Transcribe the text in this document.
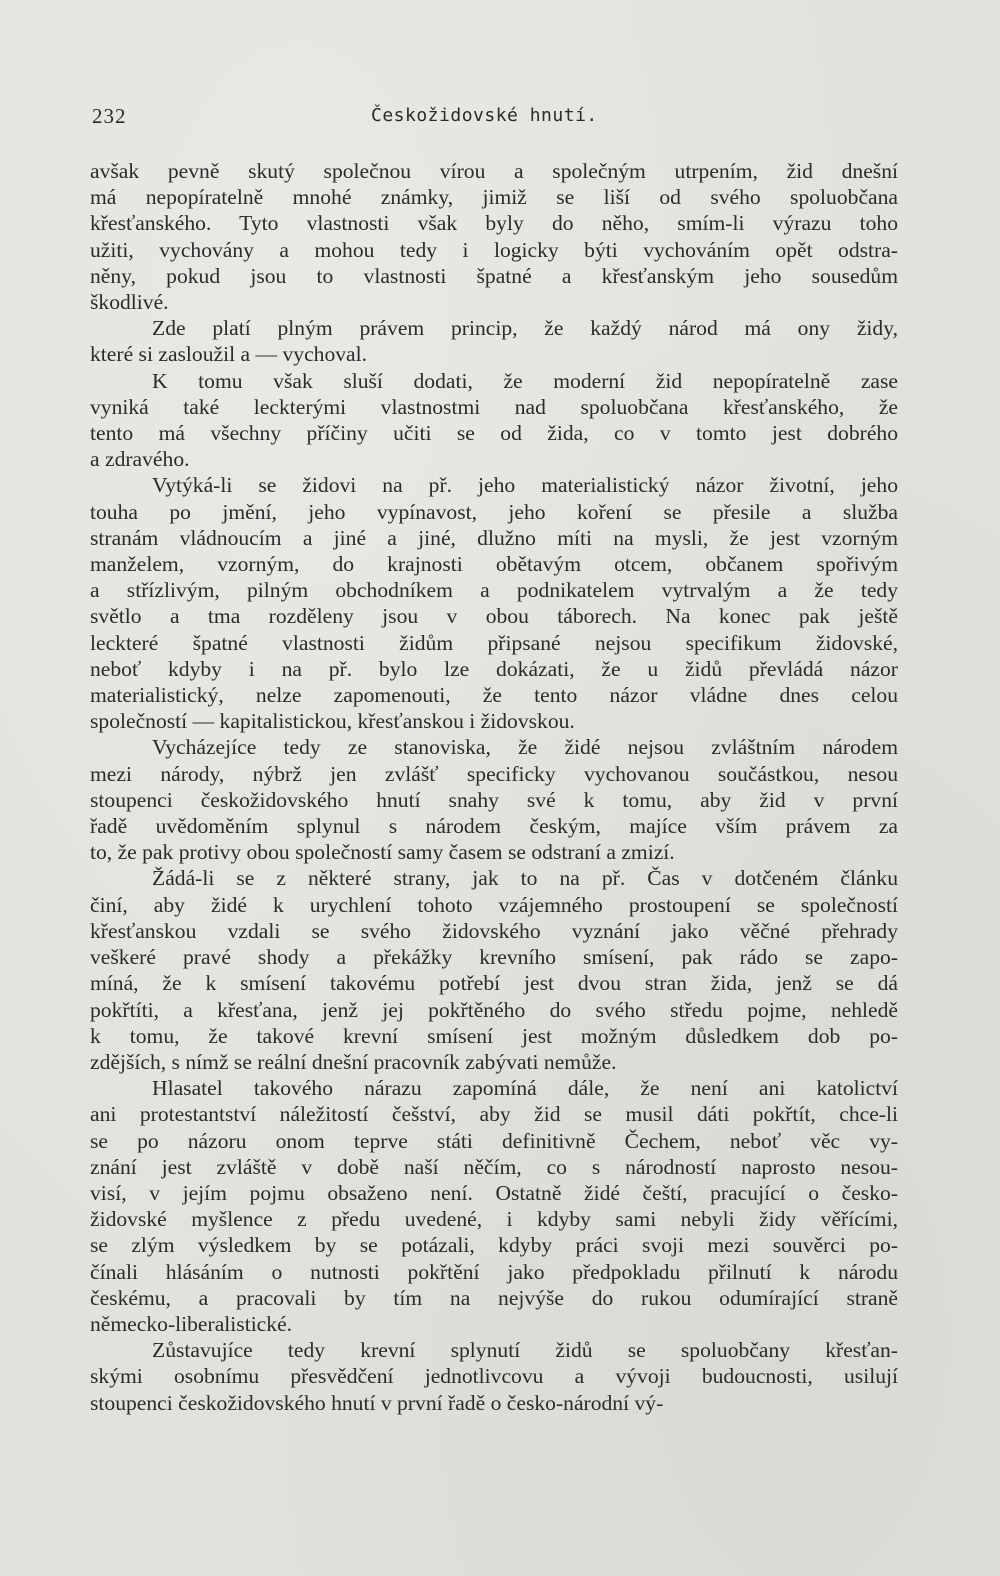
232	Českožidovské hnutí.
avšak pevně skutý společnou vírou a společným utrpením, žid dnešní
má nepopíratelně mnohé známky, jimiž se liší od svého spoluobčana
křesťanského. Tyto vlastnosti však byly do něho, smím-li výrazu toho
užiti, vychovány a mohou tedy i logicky býti vychováním opět odstra-
něny, pokud jsou to vlastnosti špatné a křesťanským jeho sousedům
škodlivé.
Zde platí plným právem princip, že každý národ má ony židy,
které si zasloužil a — vychoval.
K tomu však sluší dodati, že moderní žid nepopíratelně zase
vyniká také leckterými vlastnostmi nad spoluobčana křesťanského, že
tento má všechny příčiny učiti se od žida, co v tomto jest dobrého
a zdravého.
Vytýká-li se židovi na př. jeho materialistický názor životní, jeho
touha po jmění, jeho vypínavost, jeho koření se přesile a služba
stranám vládnoucím a jiné a jiné, dlužno míti na mysli, že jest vzorným
manželem, vzorným, do krajnosti obětavým otcem, občanem spořivým
a střízlivým, pilným obchodníkem a podnikatelem vytrvalým a že tedy
světlo a tma rozděleny jsou v obou táborech. Na konec pak ještě
leckteré špatné vlastnosti židům připsané nejsou specifikum židovské,
neboť kdyby i na př. bylo lze dokázati, že u židů převládá názor
materialistický, nelze zapomenouti, že tento názor vládne dnes celou
společností — kapitalistickou, křesťanskou i židovskou.
Vycházejíce tedy ze stanoviska, že židé nejsou zvláštním národem
mezi národy, nýbrž jen zvlášť specificky vychovanou součástkou, nesou
stoupenci českožidovského hnutí snahy své k tomu, aby žid v první
řadě uvědoměním splynul s národem českým, majíce vším právem za
to, že pak protivy obou společností samy časem se odstraní a zmizí.
Žádá-li se z některé strany, jak to na př. Čas v dotčeném článku
činí, aby židé k urychlení tohoto vzájemného prostoupení se společností
křesťanskou vzdali se svého židovského vyznání jako věčné přehrady
veškeré pravé shody a překážky krevního smísení, pak rádo se zapo-
míná, že k smísení takovému potřebí jest dvou stran žida, jenž se dá
pokřtíti, a křesťana, jenž jej pokřtěného do svého středu pojme, nehledě
k tomu, že takové krevní smísení jest možným důsledkem dob po-
zdějších, s nímž se reální dnešní pracovník zabývati nemůže.
Hlasatel takového nárazu zapomíná dále, že není ani katolictví
ani protestantství náležitostí češství, aby žid se musil dáti pokřtít, chce-li
se po názoru onom teprve státi definitivně Čechem, neboť věc vy-
znání jest zvláště v době naší něčím, co s národností naprosto nesou-
visí, v jejím pojmu obsaženo není. Ostatně židé čeští, pracující o česko-
židovské myšlence z předu uvedené, i kdyby sami nebyli židy věřícími,
se zlým výsledkem by se potázali, kdyby práci svoji mezi souvěrci po-
čínali hlásáním o nutnosti pokřtění jako předpokladu přilnutí k národu
českému, a pracovali by tím na nejvýše do rukou odumírající straně
německo-liberalistické.
Zůstavujíce tedy krevní splynutí židů se spoluobčany křesťan-
skými osobnímu přesvědčení jednotlivcovu a vývoji budoucnosti, usilují
stoupenci českožidovského hnutí v první řadě o česko-národní vý-
